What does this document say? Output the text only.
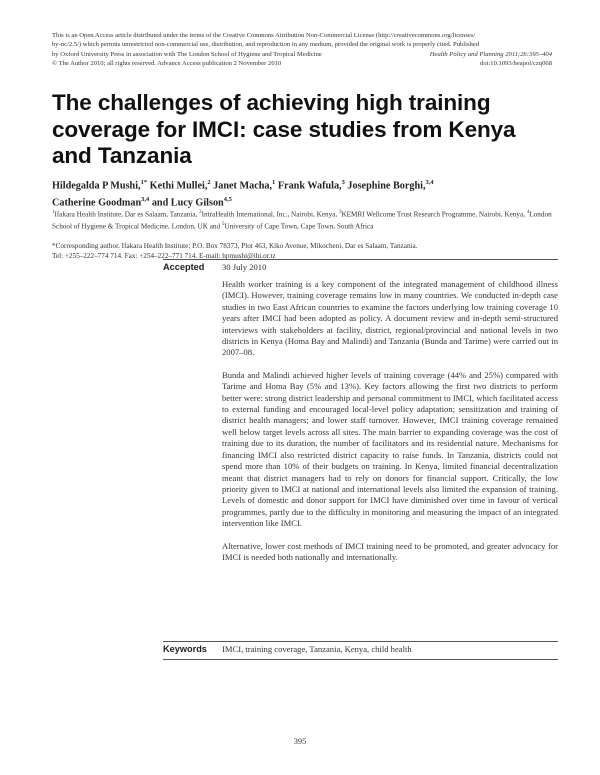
This is an Open Access article distributed under the terms of the Creative Commons Attribution Non-Commercial License (http://creativecommons.org/licenses/
by-nc/2.5/) which permits unrestricted non-commercial use, distribution, and reproduction in any medium, provided the original work is properly cited. Published
by Oxford University Press in association with The London School of Hygiene and Tropical Medicine	Health Policy and Planning 2011;26:395–404
© The Author 2010; all rights reserved. Advance Access publication 2 November 2010	doi:10.1093/heapol/czq068
The challenges of achieving high training coverage for IMCI: case studies from Kenya and Tanzania
Hildegalda P Mushi,$^{1*}$ Kethi Mullei,$^2$ Janet Macha,$^1$ Frank Wafula,$^3$ Josephine Borghi,$^{3,4}$
Catherine Goodman$^{3,4}$ and Lucy Gilson$^{4,5}$
$^1$Ifakara Health Institute, Dar es Salaam, Tanzania, $^2$IntraHealth International, Inc., Nairobi, Kenya, $^3$KEMRI Wellcome Trust Research Programme, Nairobi, Kenya, $^4$London School of Hygiene & Tropical Medicine, London, UK and $^5$University of Cape Town, Cape Town, South Africa
*Corresponding author. Ifakara Health Institute; P.O. Box 78373, Plot 463, Kiko Avenue, Mikocheni, Dar es Salaam, Tanzania.
Tel: +255–222–774 714. Fax: +254–222–771 714. E-mail: hpmushi@ihi.or.tz
Accepted 30 July 2010

Health worker training is a key component of the integrated management of childhood illness (IMCI). However, training coverage remains low in many countries. We conducted in-depth case studies in two East African countries to examine the factors underlying low training coverage 10 years after IMCI had been adopted as policy. A document review and in-depth semi-structured interviews with stakeholders at facility, district, regional/provincial and national levels in two districts in Kenya (Homa Bay and Malindi) and Tanzania (Bunda and Tarime) were carried out in 2007–08.

Bunda and Malindi achieved higher levels of training coverage (44% and 25%) compared with Tarime and Homa Bay (5% and 13%). Key factors allowing the first two districts to perform better were: strong district leadership and personal commitment to IMCI, which facilitated access to external funding and encouraged local-level policy adaptation; sensitization and training of district health managers; and lower staff turnover. However, IMCI training coverage remained well below target levels across all sites. The main barrier to expanding coverage was the cost of training due to its duration, the number of facilitators and its residential nature. Mechanisms for financing IMCI also restricted district capacity to raise funds. In Tanzania, districts could not spend more than 10% of their budgets on training. In Kenya, limited financial decentralization meant that district managers had to rely on donors for financial support. Critically, the low priority given to IMCI at national and international levels also limited the expansion of training. Levels of domestic and donor support for IMCI have diminished over time in favour of vertical programmes, partly due to the difficulty in monitoring and measuring the impact of an integrated intervention like IMCI.

Alternative, lower cost methods of IMCI training need to be promoted, and greater advocacy for IMCI is needed both nationally and internationally.

Keywords IMCI, training coverage, Tanzania, Kenya, child health
395
